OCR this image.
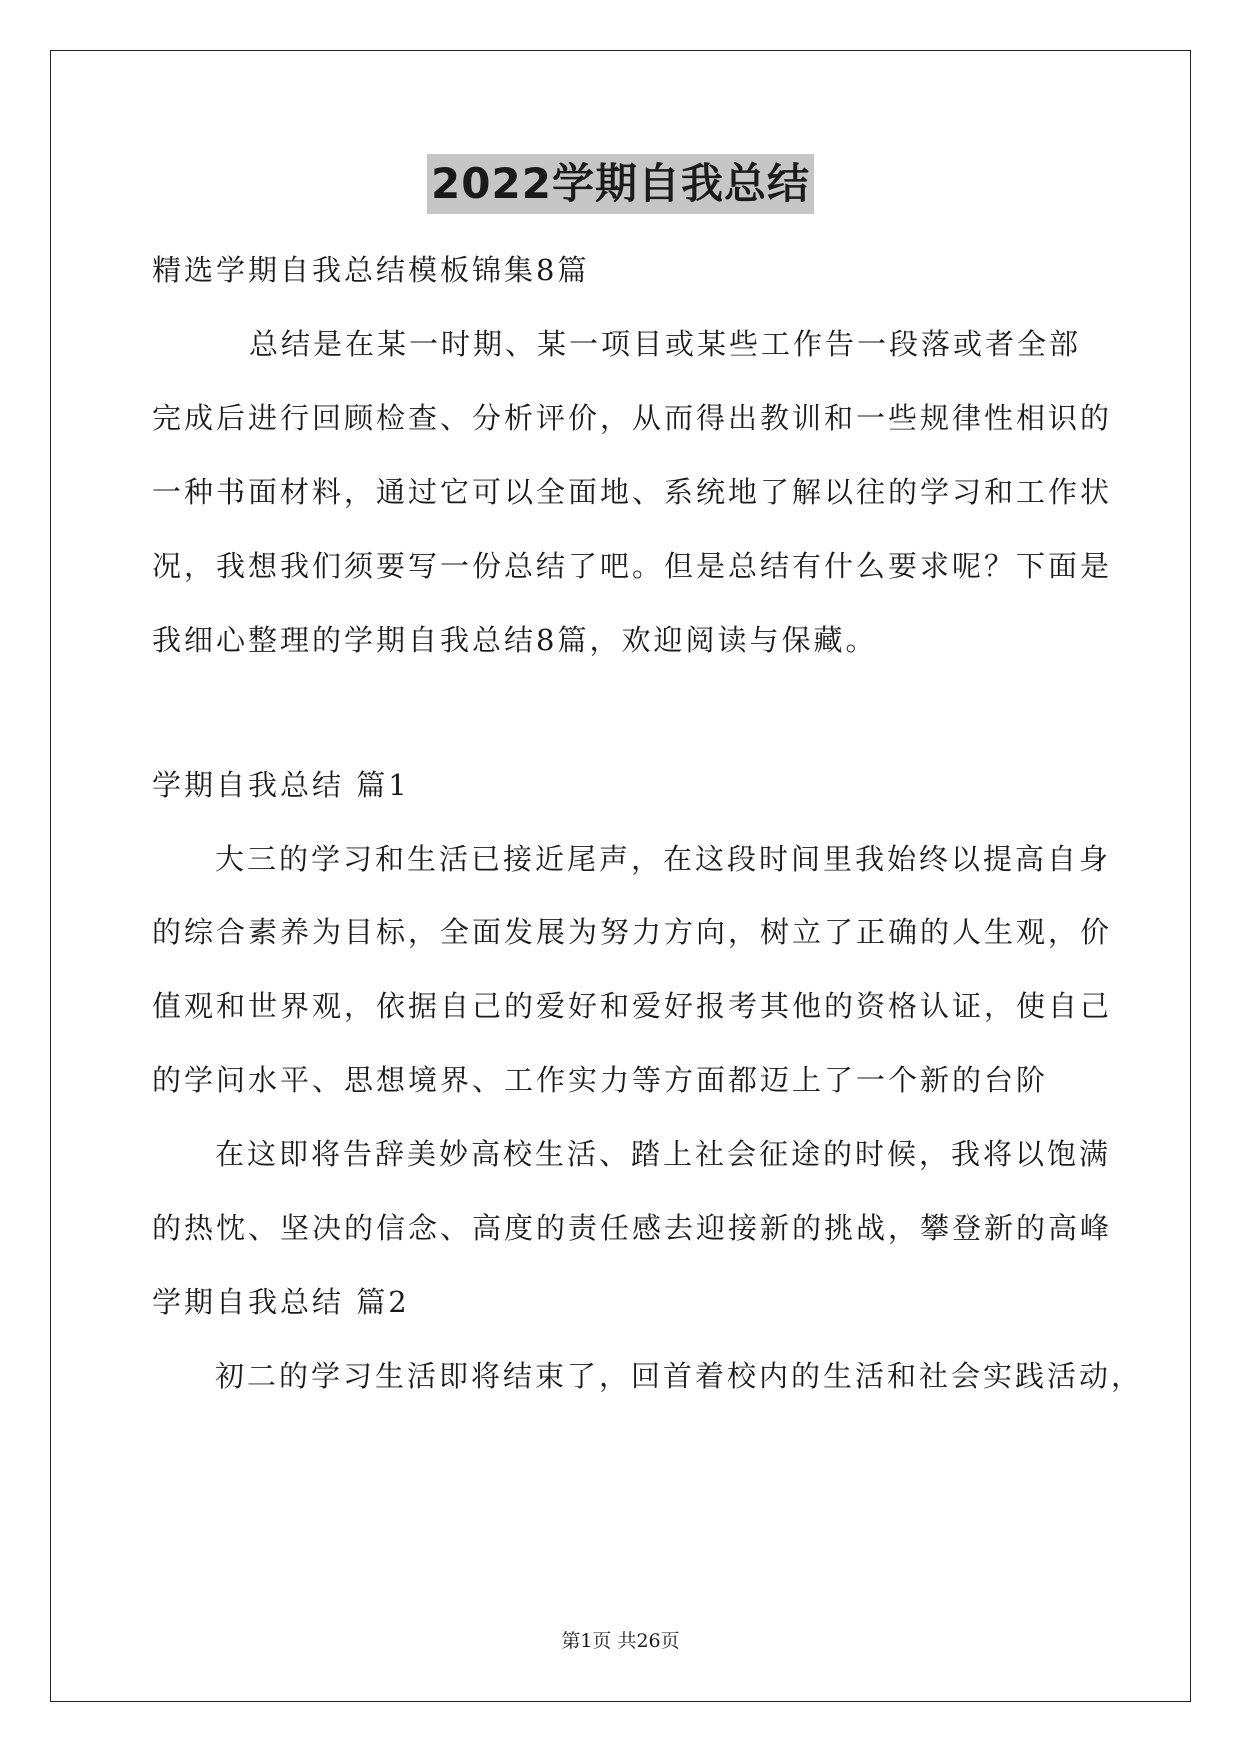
2022学期自我总结

精选学期自我总结模板锦集8篇

总结是在某一时期、某一项目或某些工作告一段落或者全部

完成后进行回顾检查、分析评价，从而得出教训和一些规律性相识的

一种书面材料，通过它可以全面地、系统地了解以往的学习和工作状

况，我想我们须要写一份总结了吧。但是总结有什么要求呢？下面是

我细心整理的学期自我总结8篇，欢迎阅读与保藏。

学期自我总结 篇1

大三的学习和生活已接近尾声，在这段时间里我始终以提高自身

的综合素养为目标，全面发展为努力方向，树立了正确的人生观，价

值观和世界观，依据自己的爱好和爱好报考其他的资格认证，使自己

的学问水平、思想境界、工作实力等方面都迈上了一个新的台阶

在这即将告辞美妙高校生活、踏上社会征途的时候，我将以饱满

的热忱、坚决的信念、高度的责任感去迎接新的挑战，攀登新的高峰

学期自我总结 篇2

初二的学习生活即将结束了，回首着校内的生活和社会实践活动，

第1页 共26页
